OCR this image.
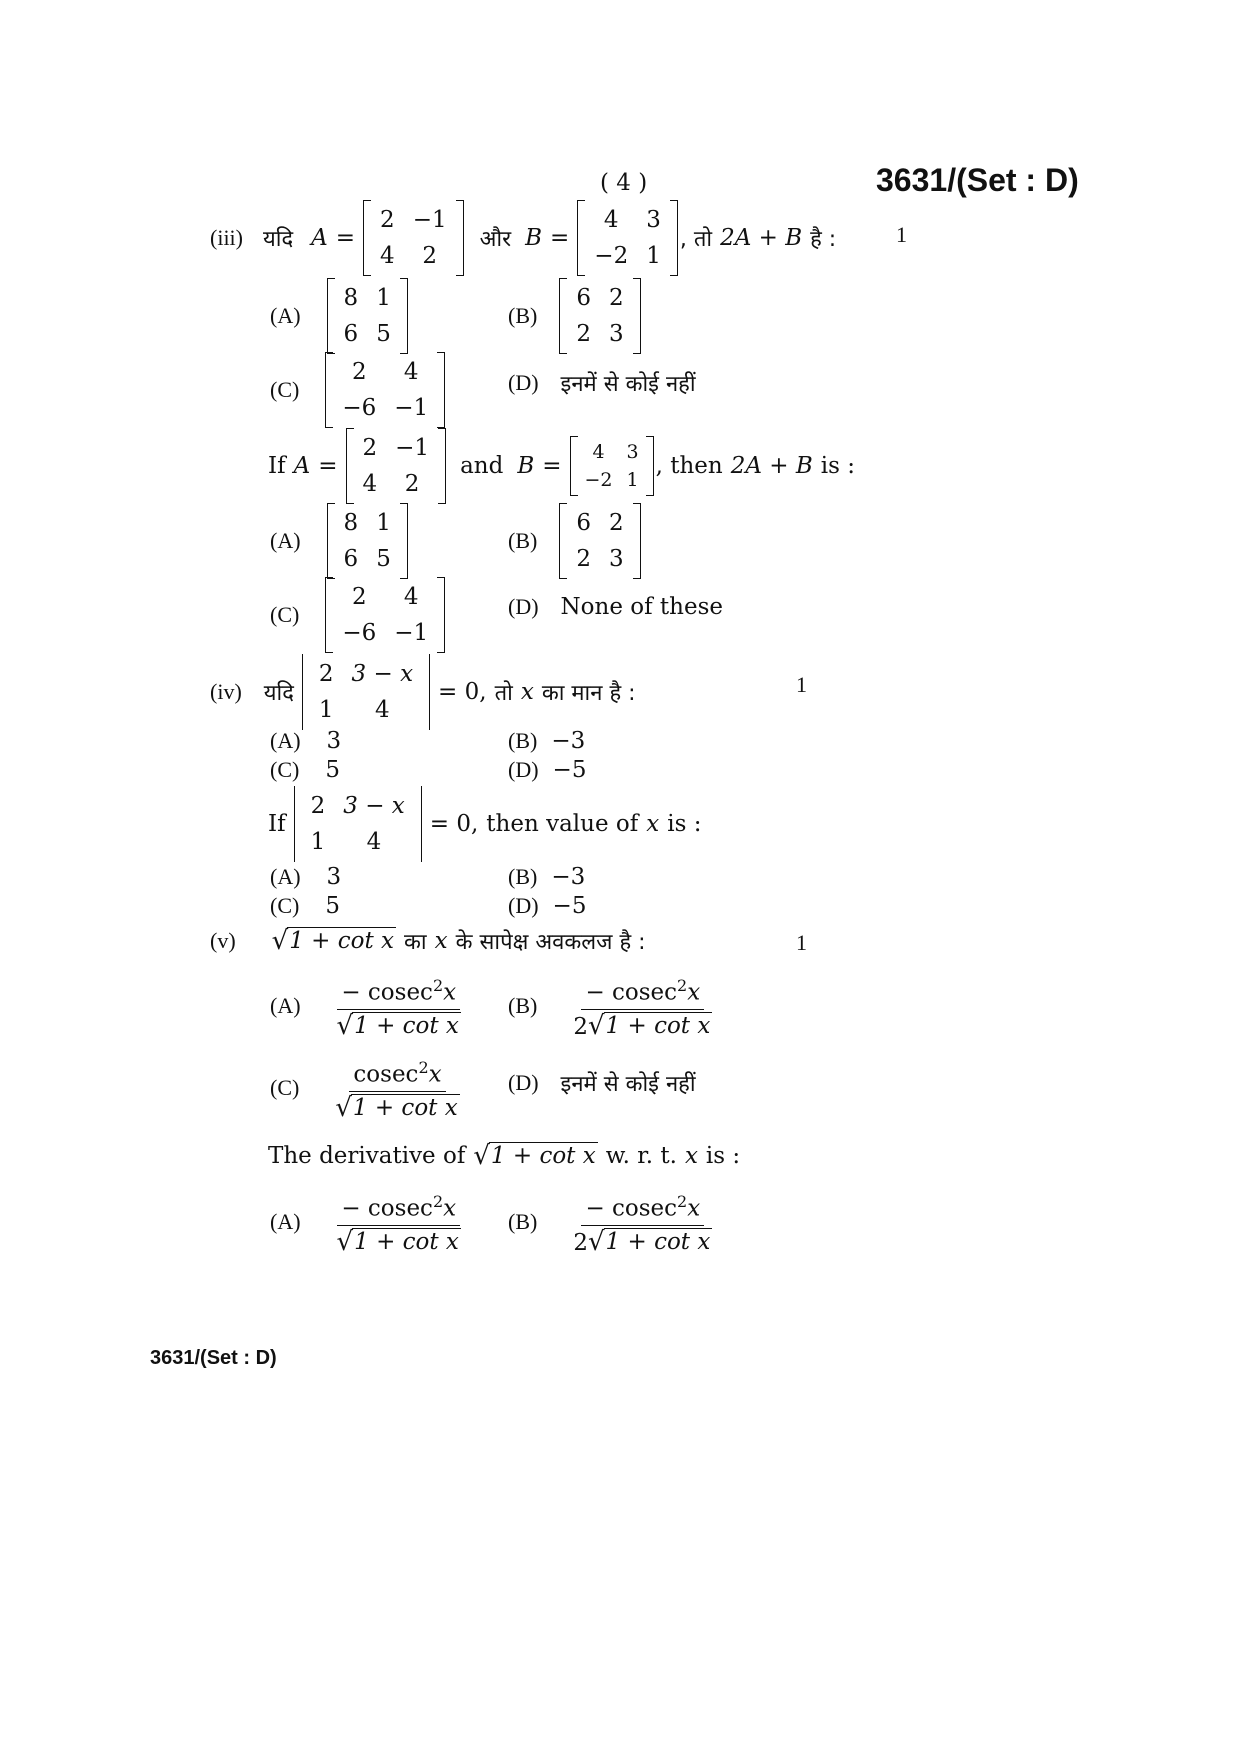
( 4 )	3631/(Set : D)
(iii) यदि A =
2	−1
4	2
और B =
4	3
−2	1
, तो 2A + B है :	1
(A)
8	1
6	5
(B)
6	2
2	3
(C)
2	4
−6	−1
(D) इनमें से कोई नहीं
If A =
2	−1
4	2
and B =
4	3
−2	1
, then 2A + B is :
(A)
8	1
6	5
(B)
6	2
2	3
(C)
2	4
−6	−1
(D) None of these
(iv) यदि
2	3 − x
1	4
= 0, तो x का मान है :	1
(A) 3	(B) −3
(C) 5	(D) −5
If
2	3 − x
1	4
= 0, then value of x is :
(A) 3	(B) −3
(C) 5	(D) −5
(v) √ 1 + cot x का x के सापेक्ष अवकलज है :	1
$(A) \frac{- cosec^2x}{\text{√ 1 + cot x}} (B) \frac{- cosec^2x}{\text{2 √ 1 + cot x}}$
$(C) \frac{cosec^2x}{\text{√ 1 + cot x}} (D)$ इनमें से कोई नहीं
The derivative of √ 1 + cot x w. r. t. x is :
$(A) \frac{- cosec^2x}{\text{√ 1 + cot x}} (B) \frac{- cosec^2x}{\text{2 √ 1 + cot x}}$
3631/(Set : D)
